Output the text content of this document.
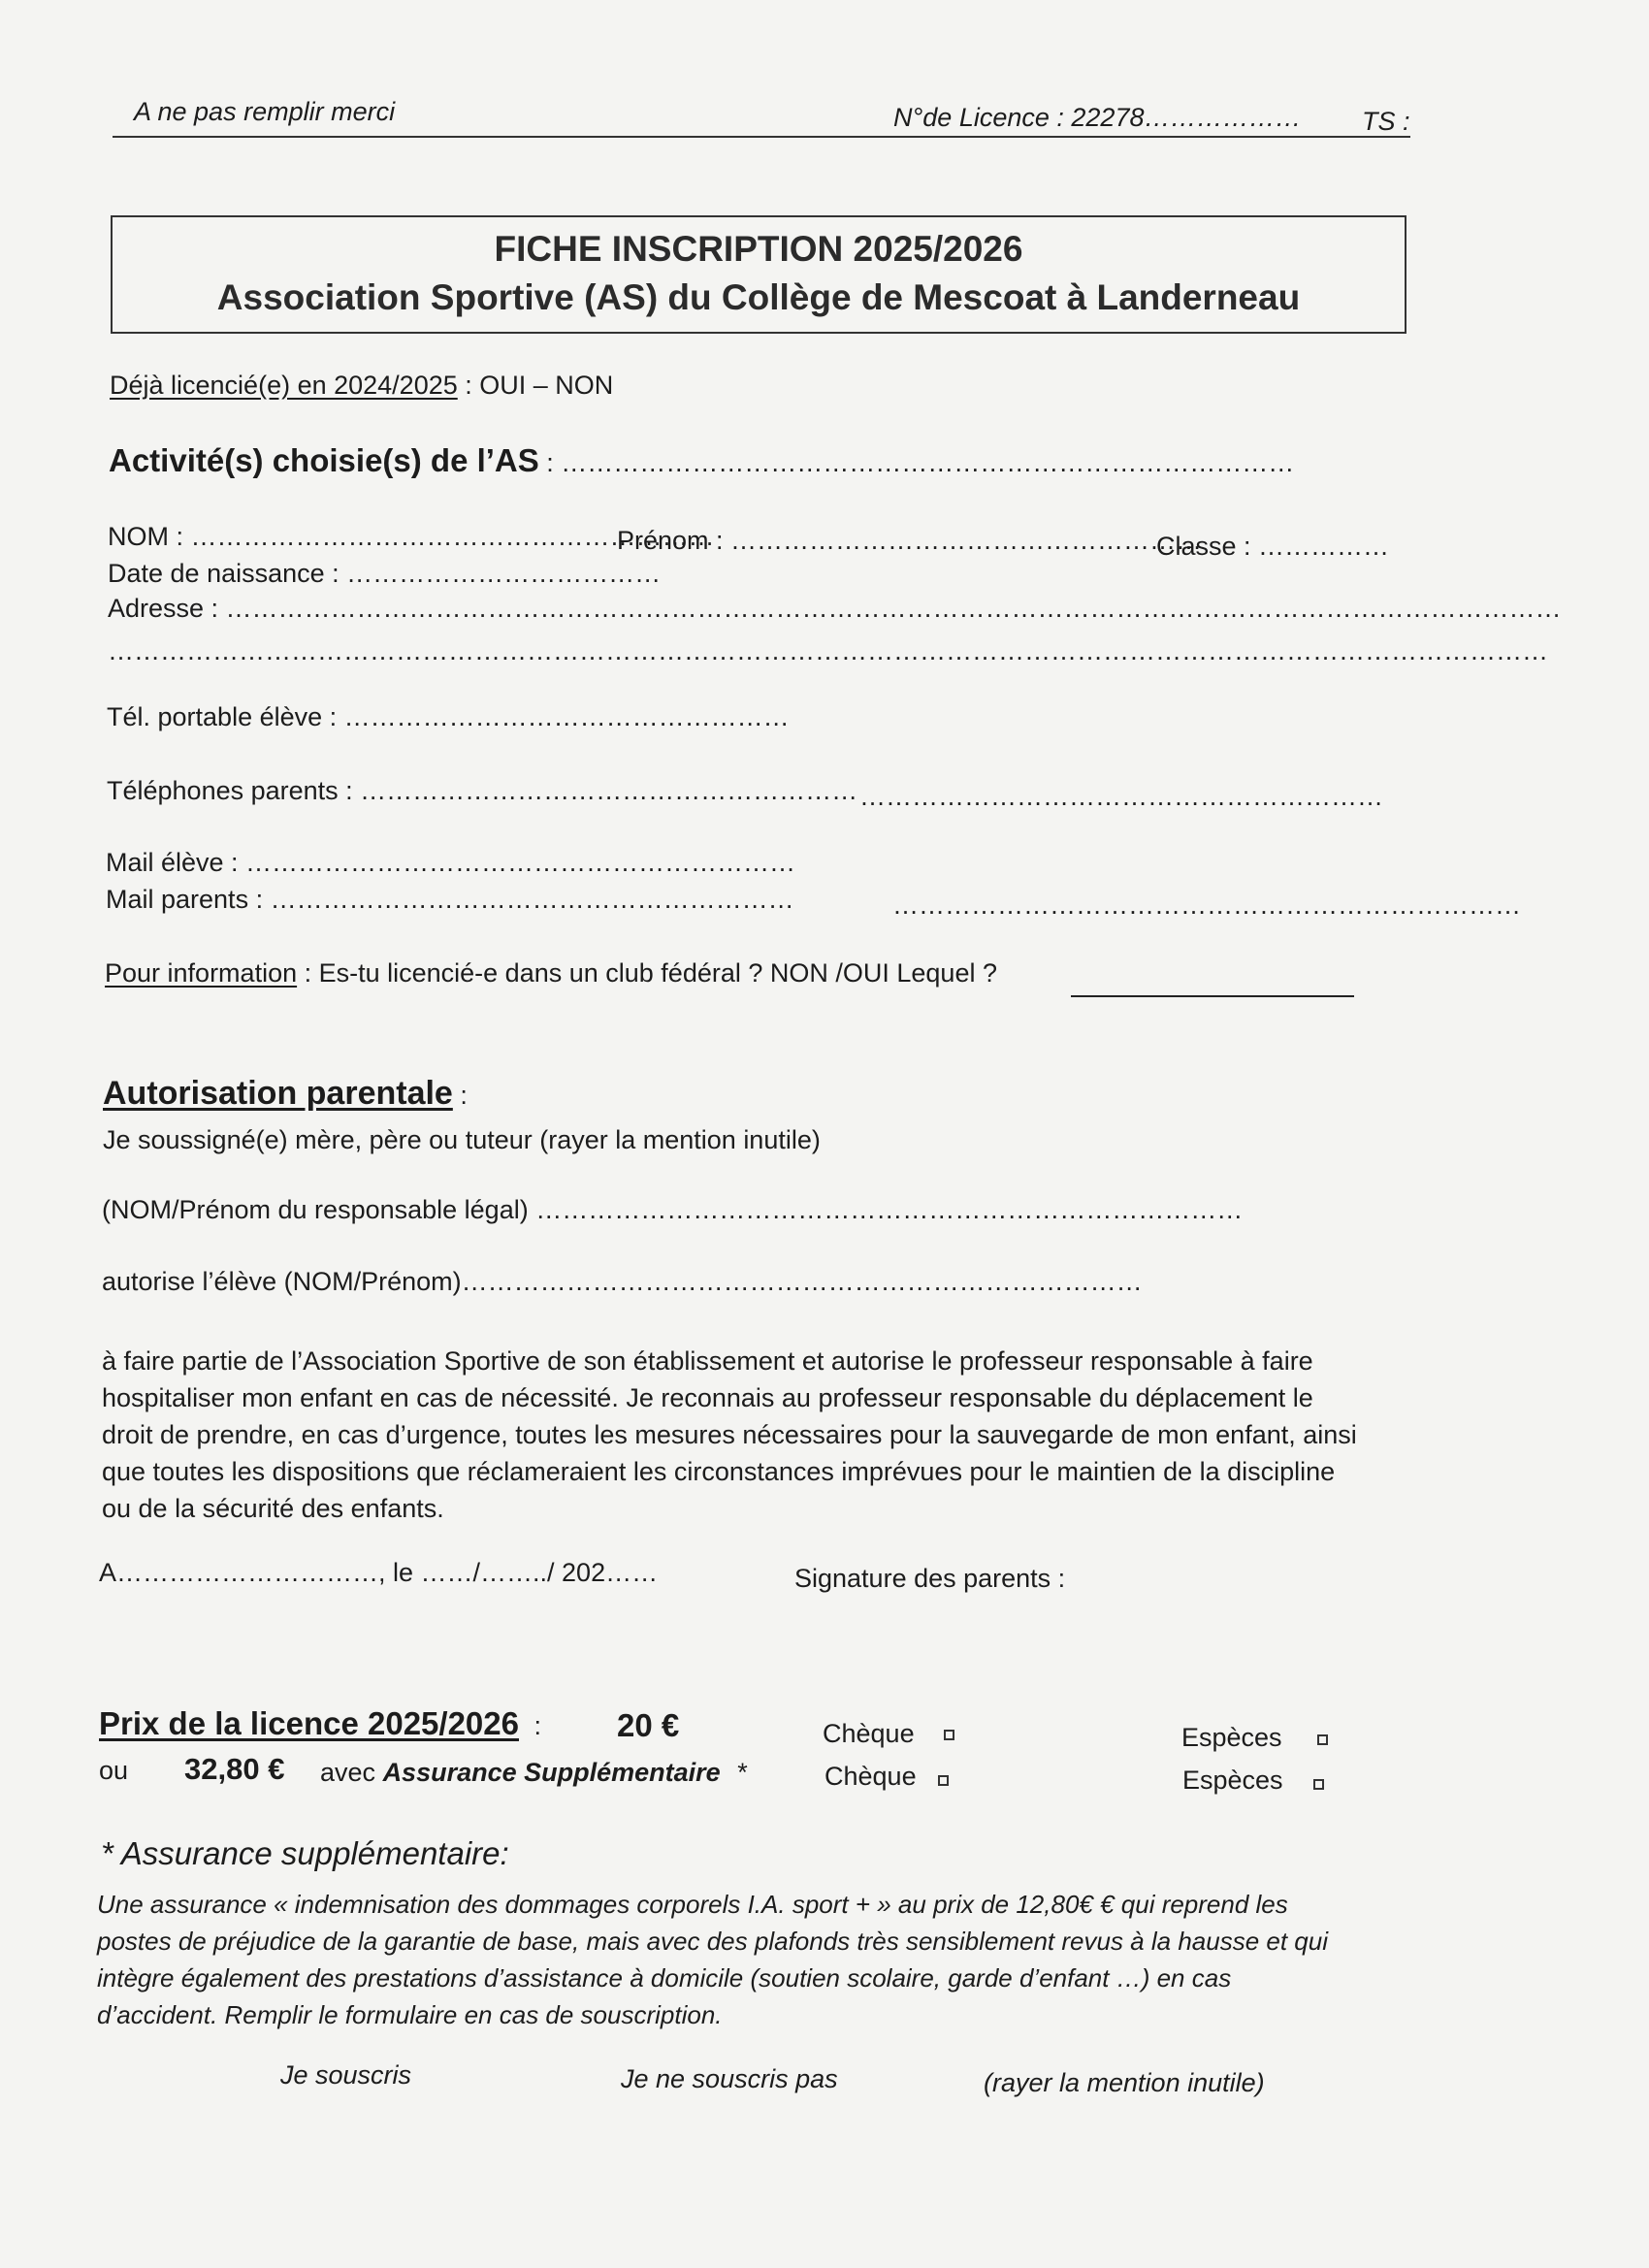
A ne pas remplir merci	N°de Licence : 22278……………… TS :
FICHE INSCRIPTION 2025/2026
Association Sportive (AS) du Collège de Mescoat à Landerneau
Déjà licencié(e) en 2024/2025 : OUI – NON
Activité(s) choisie(s) de l’AS : …………………………………………………………………………
NOM : ……………………………………………………
Prénom : ………………………………………………
Classe : ……………
Date de naissance : ………………………………
Adresse : ………………………………………………………………………………………………………………………………………
…………………………………………………………………………………………………………………………………………………
Tél. portable élève : ……………………………………………
Téléphones parents : ………………………………………………… ……………………………………………………
Mail élève : ………………………………………………………
Mail parents : ……………………………………………………	………………………………………………………………
Pour information : Es-tu licencié-e dans un club fédéral ? NON /OUI Lequel ?
Autorisation parentale :
Je soussigné(e) mère, père ou tuteur (rayer la mention inutile)
(NOM/Prénom du responsable légal) ………………………………………………………………………
autorise l’élève (NOM/Prénom)……………………………………………………………………
à faire partie de l’Association Sportive de son établissement et autorise le professeur responsable à faire
hospitaliser mon enfant en cas de nécessité. Je reconnais au professeur responsable du déplacement le
droit de prendre, en cas d’urgence, toutes les mesures nécessaires pour la sauvegarde de mon enfant, ainsi
que toutes les dispositions que réclameraient les circonstances imprévues pour le maintien de la discipline
ou de la sécurité des enfants.
A…………………………, le ……/……../ 202……	Signature des parents :
Prix de la licence 2025/2026 : 20 €	Chèque	Espèces
ou 32,80 € avec Assurance Supplémentaire *	Chèque	Espèces
* Assurance supplémentaire:
Une assurance « indemnisation des dommages corporels I.A. sport + » au prix de 12,80€ € qui reprend les
postes de préjudice de la garantie de base, mais avec des plafonds très sensiblement revus à la hausse et qui
intègre également des prestations d’assistance à domicile (soutien scolaire, garde d’enfant …) en cas
d’accident. Remplir le formulaire en cas de souscription.
Je souscris	Je ne souscris pas	(rayer la mention inutile)
